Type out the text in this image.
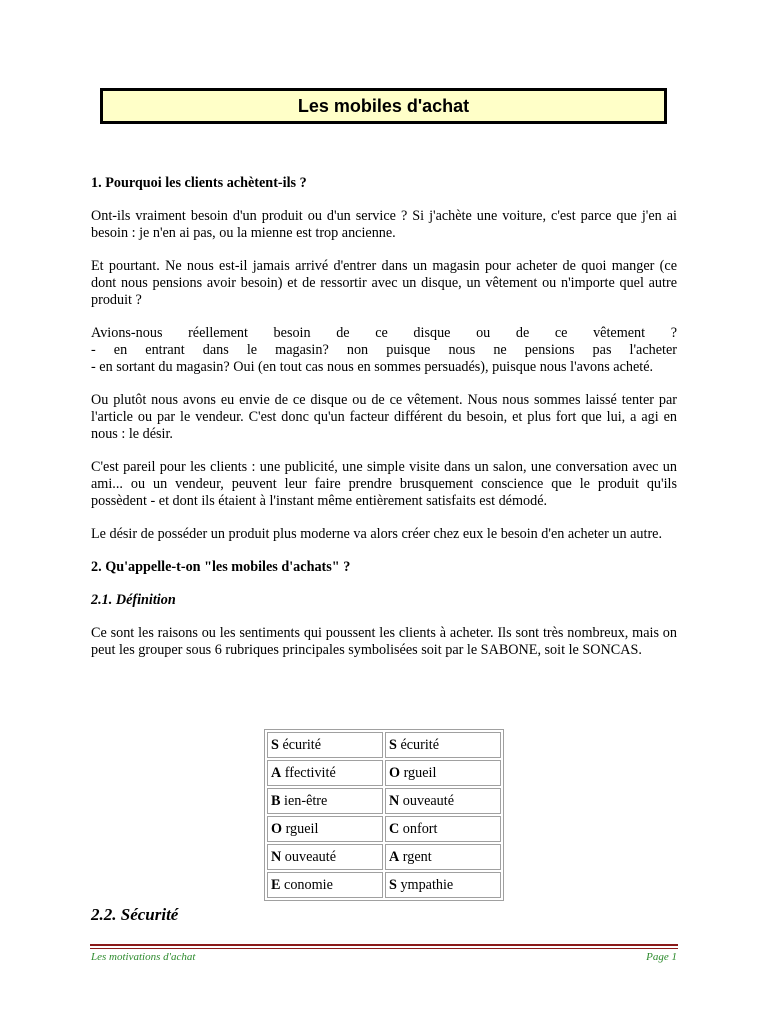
Les mobiles d'achat
1. Pourquoi les clients achètent-ils ?

Ont-ils vraiment besoin d'un produit ou d'un service ? Si j'achète une voiture, c'est parce que j'en ai besoin : je n'en ai pas, ou la mienne est trop ancienne.

Et pourtant. Ne nous est-il jamais arrivé d'entrer dans un magasin pour acheter de quoi manger (ce dont nous pensions avoir besoin) et de ressortir avec un disque, un vêtement ou n'importe quel autre produit ?

Avions-nous réellement besoin de ce disque ou de ce vêtement ?
- en entrant dans le magasin? non puisque nous ne pensions pas l'acheter
- en sortant du magasin? Oui (en tout cas nous en sommes persuadés), puisque nous l'avons acheté.

Ou plutôt nous avons eu envie de ce disque ou de ce vêtement. Nous nous sommes laissé tenter par l'article ou par le vendeur. C'est donc qu'un facteur différent du besoin, et plus fort que lui, a agi en nous : le désir.

C'est pareil pour les clients : une publicité, une simple visite dans un salon, une conversation avec un ami... ou un vendeur, peuvent leur faire prendre brusquement conscience que le produit qu'ils possèdent - et dont ils étaient à l'instant même entièrement satisfaits est démodé.

Le désir de posséder un produit plus moderne va alors créer chez eux le besoin d'en acheter un autre.

2. Qu'appelle-t-on "les mobiles d'achats" ?
2.1. Définition

Ce sont les raisons ou les sentiments qui poussent les clients à acheter. Ils sont très nombreux, mais on peut les grouper sous 6 rubriques principales symbolisées soit par le SABONE, soit le SONCAS.

S écurité	S écurité
A ffectivité	O rgueil
B ien-être	N ouveauté
O rgueil	C onfort
N ouveauté	A rgent
E conomie	S ympathie
2.2. Sécurité
Les motivations d'achat	Page 1
